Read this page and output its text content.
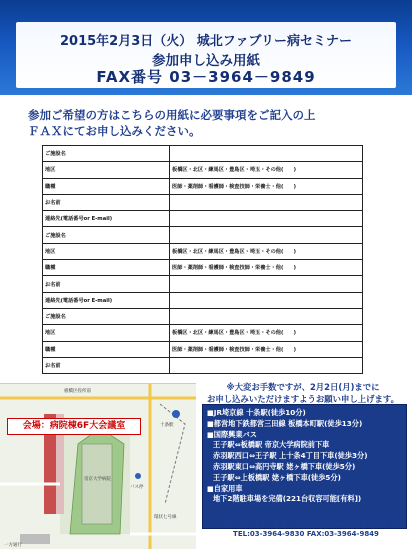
2015年2月3日（火） 城北ファブリー病セミナー
参加申し込み用紙
FAX番号 03－3964－9849
参加ご希望の方はこちらの用紙に必要事項をご記入の上
ＦＡＸにてお申し込みください。
ご施設名	
地区	板橋区・北区・練馬区・豊島区・埼玉・その他(　　)
職種	医師・薬剤師・看護師・検査技師・栄養士・他(　　)
お名前	
連絡先(電話番号or E-mail)	
ご施設名	
地区	板橋区・北区・練馬区・豊島区・埼玉・その他(　　)
職種	医師・薬剤師・看護師・検査技師・栄養士・他(　　)
お名前	
連絡先(電話番号or E-mail)	
ご施設名	
地区	板橋区・北区・練馬区・豊島区・埼玉・その他(　　)
職種	医師・薬剤師・看護師・検査技師・栄養士・他(　　)
お名前	
帝京大学病院
十条駅
板橋区役所前
環状七号線
バス停
一方通行
会場：病院棟6F大会議室
※大変お手数ですが、2月2日(月)までに
お申し込みいただけますようお願い申し上げます。
■JR埼京線 十条駅(徒歩10分)
■都営地下鉄都営三田線 板橋本町駅(徒歩13分)
■国際興業バス
王子駅⇔板橋駅 帝京大学病院前下車
赤羽駅西口⇔王子駅 上十条4丁目下車(徒歩3分)
赤羽駅東口⇔高円寺駅 姥ヶ橋下車(徒歩5分)
王子駅⇔上板橋駅 姥ヶ橋下車(徒歩5分)
■自家用車
地下2階駐車場を完備(221台収容可能[有料])
問い合わせ先：帝京大学医学部附属病院 医療連携室
TEL:03-3964-9830 FAX:03-3964-9849
